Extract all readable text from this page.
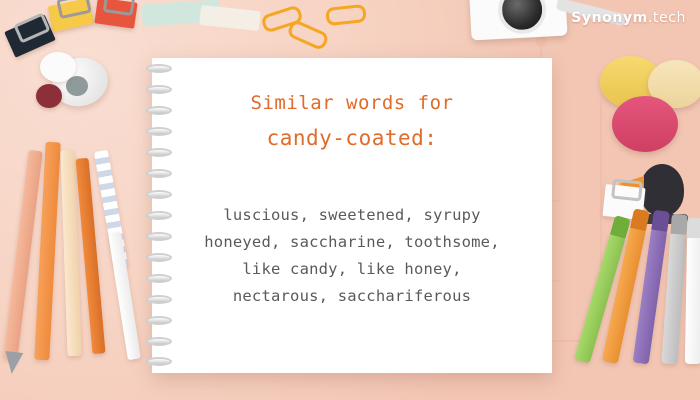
Similar words for

candy-coated:

luscious, sweetened, syrupy
honeyed, saccharine, toothsome,
like candy, like honey,
nectarous, sacchariferous
Synonym.tech
